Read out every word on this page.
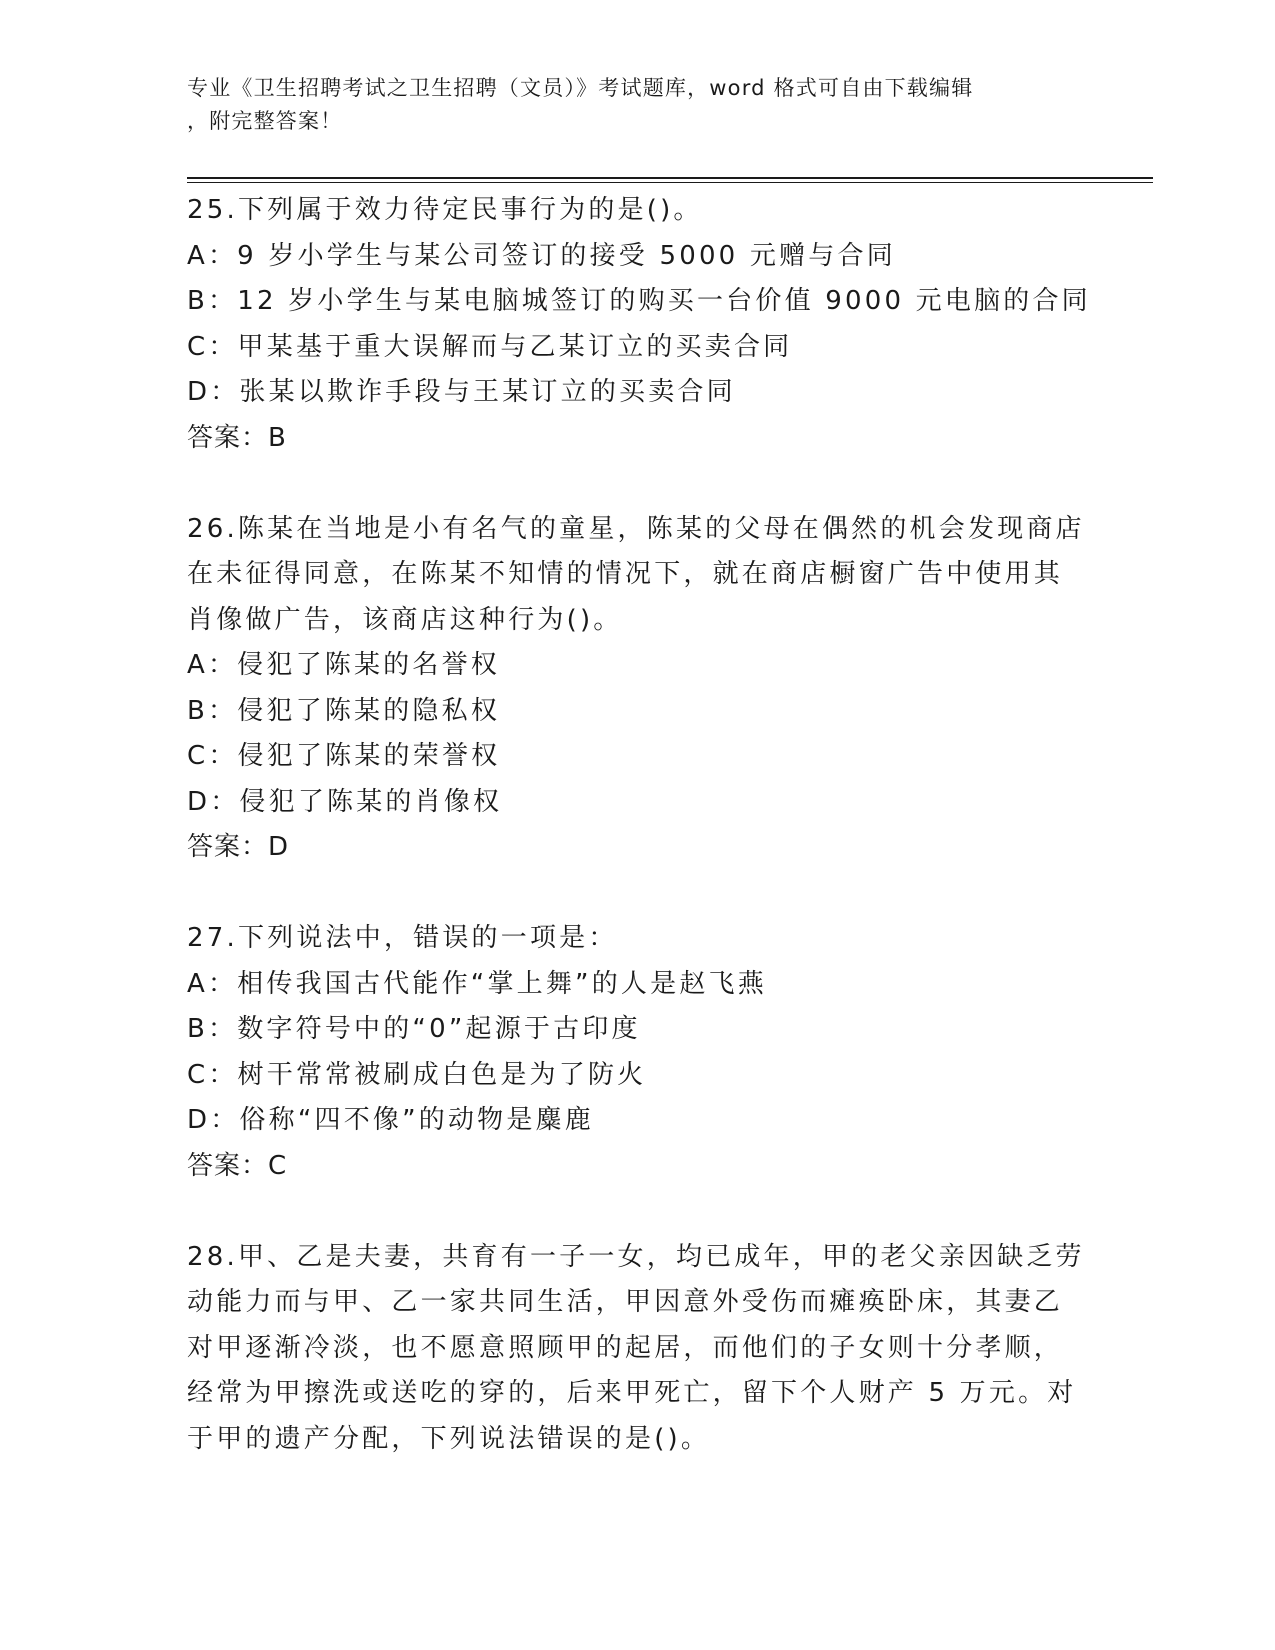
专业《卫生招聘考试之卫生招聘（文员）》考试题库，word 格式可自由下载编辑
，附完整答案！
25.下列属于效力待定民事行为的是()。
A：9 岁小学生与某公司签订的接受 5000 元赠与合同
B：12 岁小学生与某电脑城签订的购买一台价值 9000 元电脑的合同
C：甲某基于重大误解而与乙某订立的买卖合同
D：张某以欺诈手段与王某订立的买卖合同
答案：B
26.陈某在当地是小有名气的童星，陈某的父母在偶然的机会发现商店
在未征得同意，在陈某不知情的情况下，就在商店橱窗广告中使用其
肖像做广告，该商店这种行为()。
A：侵犯了陈某的名誉权
B：侵犯了陈某的隐私权
C：侵犯了陈某的荣誉权
D：侵犯了陈某的肖像权
答案：D
27.下列说法中，错误的一项是：
A：相传我国古代能作“掌上舞”的人是赵飞燕
B：数字符号中的“0”起源于古印度
C：树干常常被刷成白色是为了防火
D：俗称“四不像”的动物是麋鹿
答案：C
28.甲、乙是夫妻，共育有一子一女，均已成年，甲的老父亲因缺乏劳
动能力而与甲、乙一家共同生活，甲因意外受伤而瘫痪卧床，其妻乙
对甲逐渐冷淡，也不愿意照顾甲的起居，而他们的子女则十分孝顺，
经常为甲擦洗或送吃的穿的，后来甲死亡，留下个人财产 5 万元。对
于甲的遗产分配，下列说法错误的是()。
